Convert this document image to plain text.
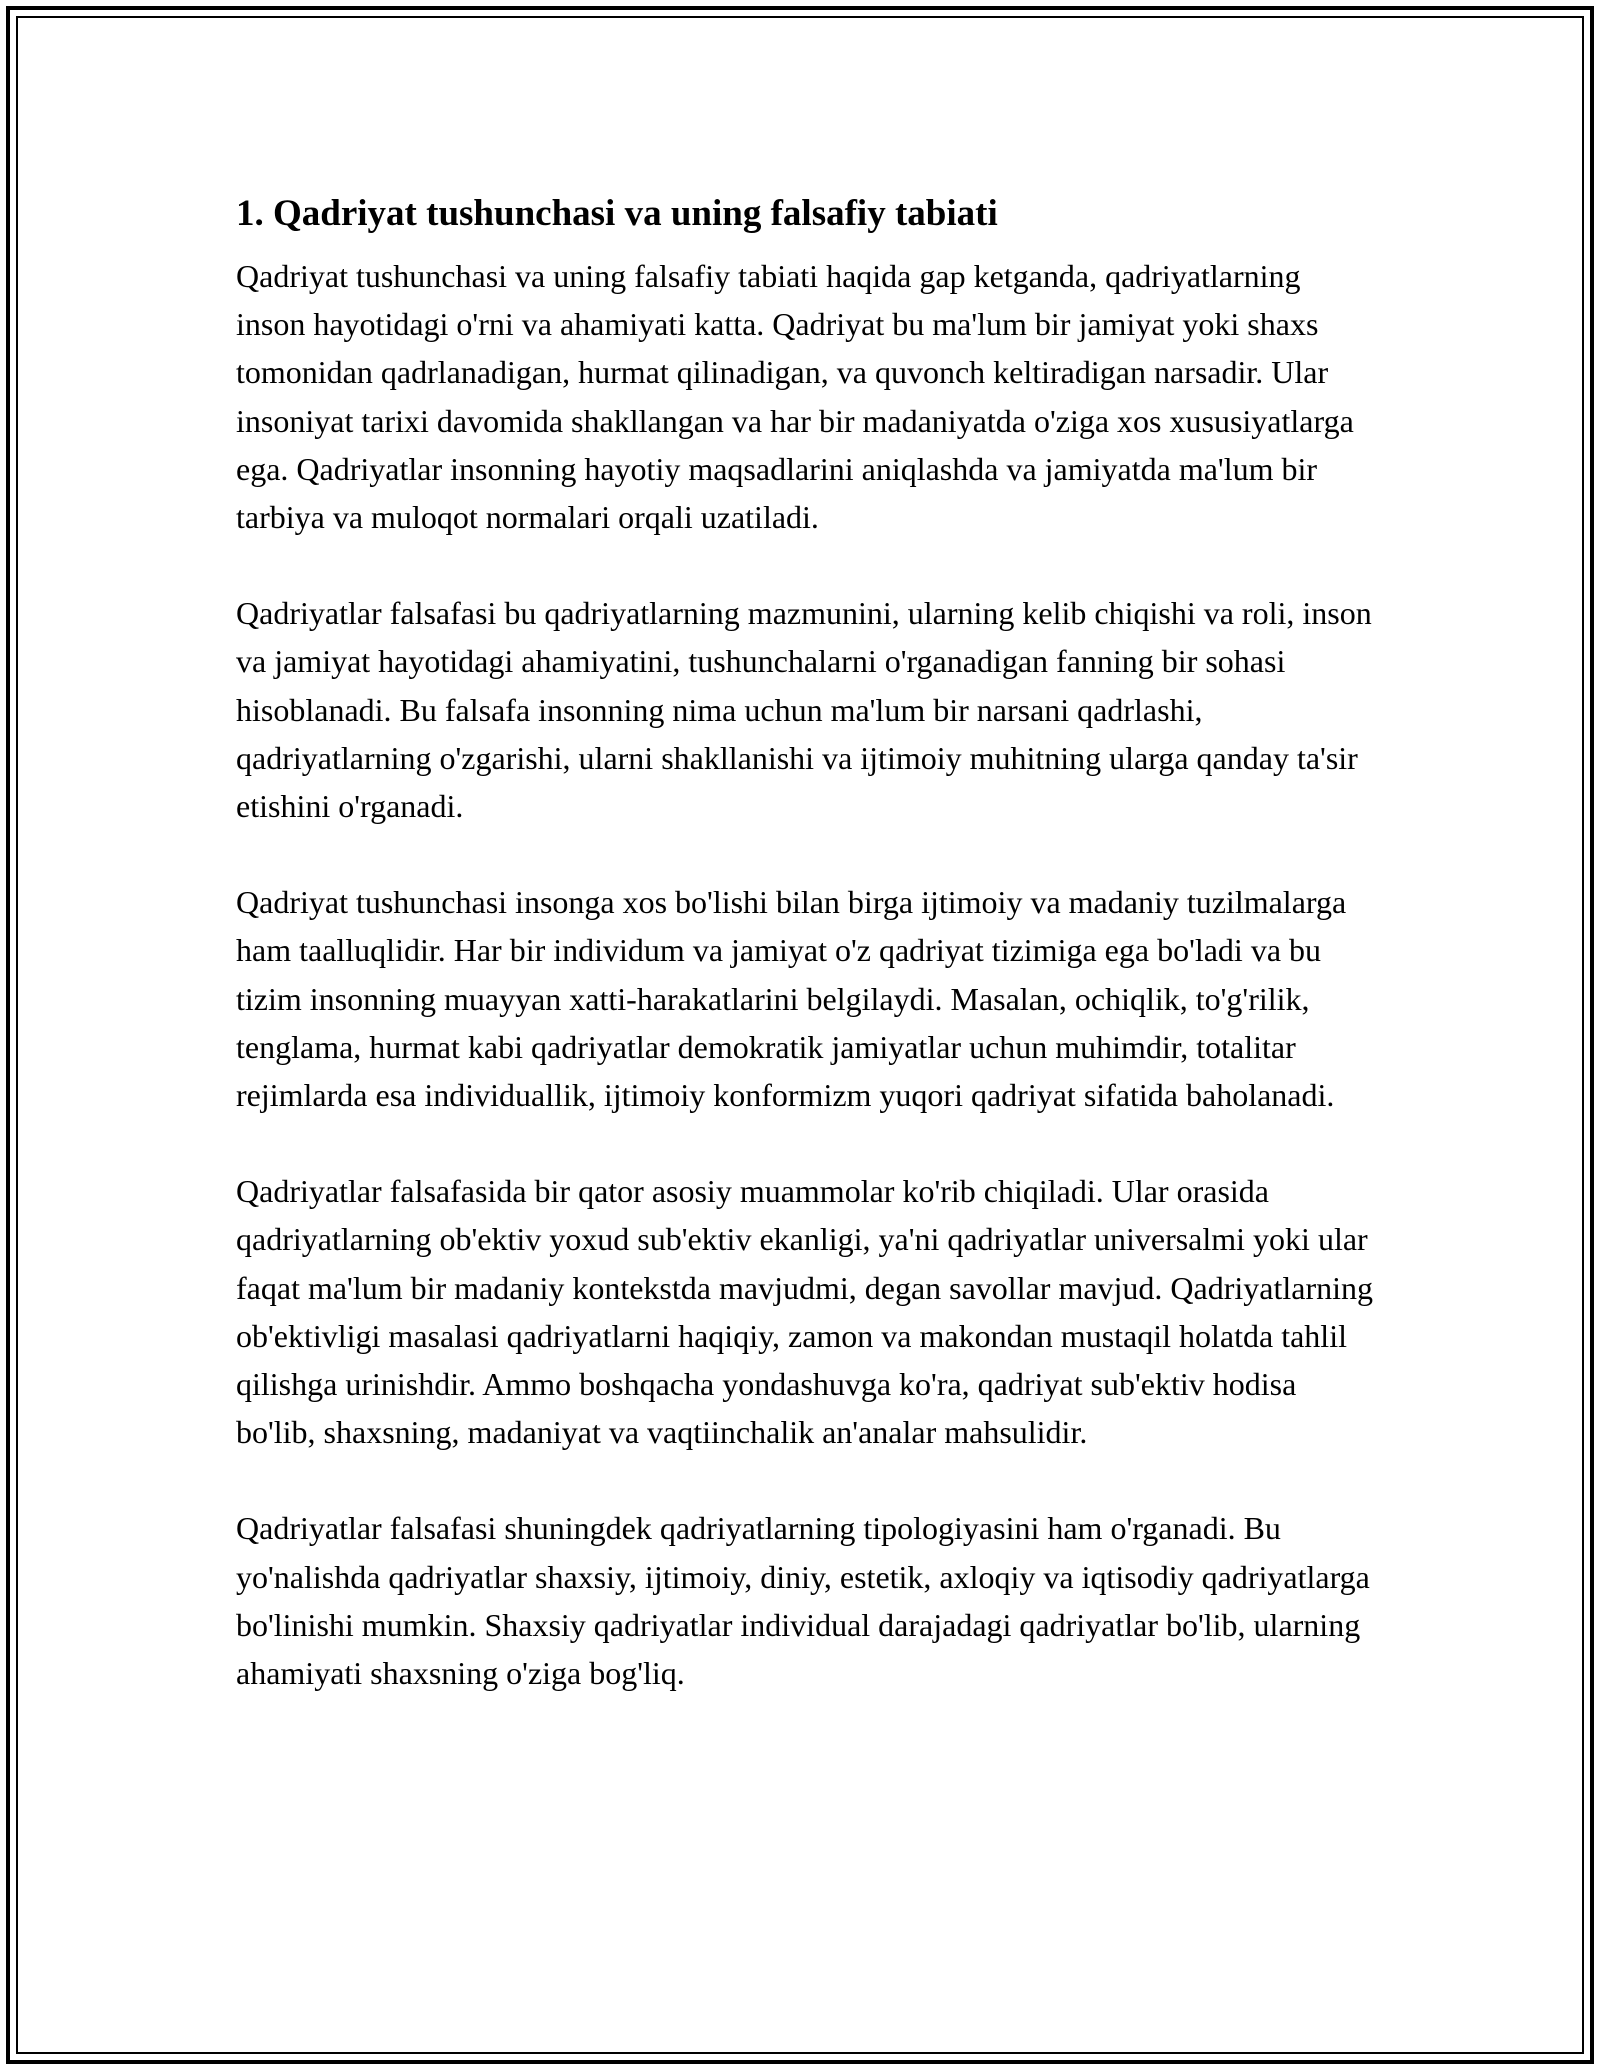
1. Qadriyat tushunchasi va uning falsafiy tabiati

Qadriyat tushunchasi va uning falsafiy tabiati haqida gap ketganda, qadriyatlarning inson hayotidagi o'rni va ahamiyati katta. Qadriyat bu ma'lum bir jamiyat yoki shaxs tomonidan qadrlanadigan, hurmat qilinadigan, va quvonch keltiradigan narsadir. Ular insoniyat tarixi davomida shakllangan va har bir madaniyatda o'ziga xos xususiyatlarga ega. Qadriyatlar insonning hayotiy maqsadlarini aniqlashda va jamiyatda ma'lum bir tarbiya va muloqot normalari orqali uzatiladi.

Qadriyatlar falsafasi bu qadriyatlarning mazmunini, ularning kelib chiqishi va roli, inson va jamiyat hayotidagi ahamiyatini, tushunchalarni o'rganadigan fanning bir sohasi hisoblanadi. Bu falsafa insonning nima uchun ma'lum bir narsani qadrlashi, qadriyatlarning o'zgarishi, ularni shakllanishi va ijtimoiy muhitning ularga qanday ta'sir etishini o'rganadi.

Qadriyat tushunchasi insonga xos bo'lishi bilan birga ijtimoiy va madaniy tuzilmalarga ham taalluqlidir. Har bir individum va jamiyat o'z qadriyat tizimiga ega bo'ladi va bu tizim insonning muayyan xatti-harakatlarini belgilaydi. Masalan, ochiqlik, to'g'rilik, tenglama, hurmat kabi qadriyatlar demokratik jamiyatlar uchun muhimdir, totalitar rejimlarda esa individuallik, ijtimoiy konformizm yuqori qadriyat sifatida baholanadi.

Qadriyatlar falsafasida bir qator asosiy muammolar ko'rib chiqiladi. Ular orasida qadriyatlarning ob'ektiv yoxud sub'ektiv ekanligi, ya'ni qadriyatlar universalmi yoki ular faqat ma'lum bir madaniy kontekstda mavjudmi, degan savollar mavjud. Qadriyatlarning ob'ektivligi masalasi qadriyatlarni haqiqiy, zamon va makondan mustaqil holatda tahlil qilishga urinishdir. Ammo boshqacha yondashuvga ko'ra, qadriyat sub'ektiv hodisa bo'lib, shaxsning, madaniyat va vaqtiinchalik an'analar mahsulidir.

Qadriyatlar falsafasi shuningdek qadriyatlarning tipologiyasini ham o'rganadi. Bu yo'nalishda qadriyatlar shaxsiy, ijtimoiy, diniy, estetik, axloqiy va iqtisodiy qadriyatlarga bo'linishi mumkin. Shaxsiy qadriyatlar individual darajadagi qadriyatlar bo'lib, ularning ahamiyati shaxsning o'ziga bog'liq.
